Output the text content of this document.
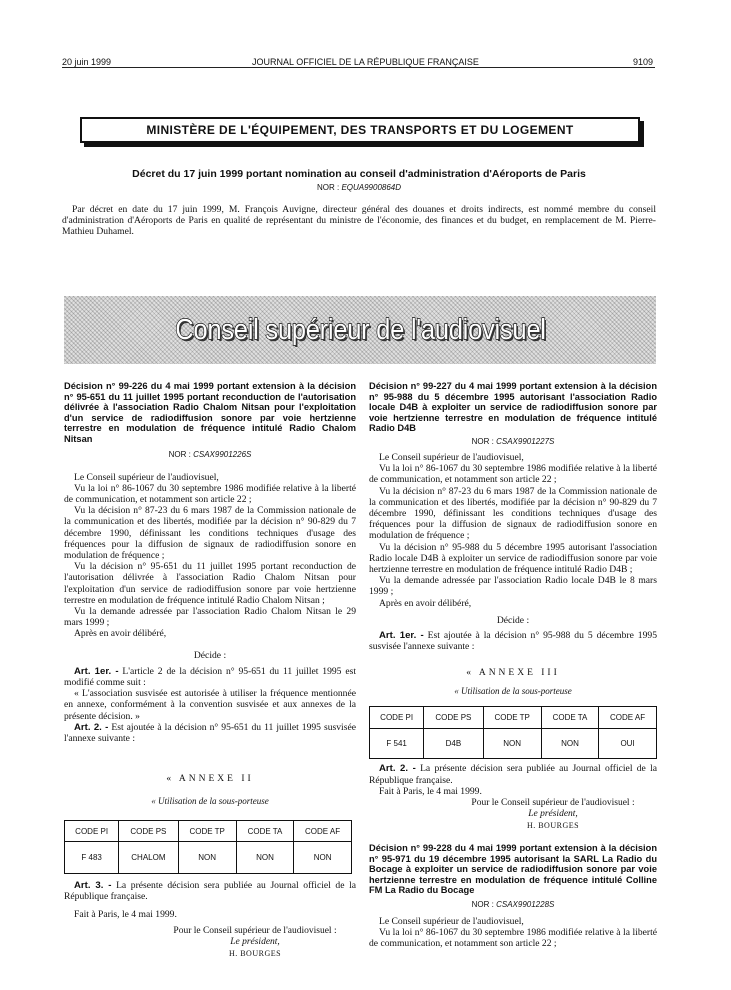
20 juin 1999	JOURNAL OFFICIEL DE LA RÉPUBLIQUE FRANÇAISE	9109
MINISTÈRE DE L'ÉQUIPEMENT, DES TRANSPORTS ET DU LOGEMENT
Décret du 17 juin 1999 portant nomination au conseil d'administration d'Aéroports de Paris
NOR : EQUA9900864D

Par décret en date du 17 juin 1999, M. François Auvigne, directeur général des douanes et droits indirects, est nommé membre du conseil d'administration d'Aéroports de Paris en qualité de représentant du ministre de l'économie, des finances et du budget, en remplacement de M. Pierre-Mathieu Duhamel.

Conseil supérieur de l'audiovisuel
Décision n° 99-226 du 4 mai 1999 portant extension à la décision n° 95-651 du 11 juillet 1995 portant reconduction de l'autorisation délivrée à l'association Radio Chalom Nitsan pour l'exploitation d'un service de radiodiffusion sonore par voie hertzienne terrestre en modulation de fréquence intitulé Radio Chalom Nitsan
NOR : CSAX9901226S

Le Conseil supérieur de l'audiovisuel,

Vu la loi n° 86-1067 du 30 septembre 1986 modifiée relative à la liberté de communication, et notamment son article 22 ;

Vu la décision n° 87-23 du 6 mars 1987 de la Commission nationale de la communication et des libertés, modifiée par la décision n° 90-829 du 7 décembre 1990, définissant les conditions techniques d'usage des fréquences pour la diffusion de signaux de radiodiffusion sonore en modulation de fréquence ;

Vu la décision n° 95-651 du 11 juillet 1995 portant reconduction de l'autorisation délivrée à l'association Radio Chalom Nitsan pour l'exploitation d'un service de radiodiffusion sonore par voie hertzienne terrestre en modulation de fréquence intitulé Radio Chalom Nitsan ;

Vu la demande adressée par l'association Radio Chalom Nitsan le 29 mars 1999 ;

Après en avoir délibéré,

Décide :

Art. 1er. - L'article 2 de la décision n° 95-651 du 11 juillet 1995 est modifié comme suit :

« L'association susvisée est autorisée à utiliser la fréquence mentionnée en annexe, conformément à la convention susvisée et aux annexes de la présente décision. »

Art. 2. - Est ajoutée à la décision n° 95-651 du 11 juillet 1995 susvisée l'annexe suivante :

« ANNEXE II
« Utilisation de la sous-porteuse
CODE PI	CODE PS	CODE TP	CODE TA	CODE AF
F 483	CHALOM	NON	NON	NON

Art. 3. - La présente décision sera publiée au Journal officiel de la République française.

Fait à Paris, le 4 mai 1999.

Pour le Conseil supérieur de l'audiovisuel :
Le président,
H. BOURGES
Décision n° 99-227 du 4 mai 1999 portant extension à la décision n° 95-988 du 5 décembre 1995 autorisant l'association Radio locale D4B à exploiter un service de radiodiffusion sonore par voie hertzienne terrestre en modulation de fréquence intitulé Radio D4B
NOR : CSAX9901227S

Le Conseil supérieur de l'audiovisuel,

Vu la loi n° 86-1067 du 30 septembre 1986 modifiée relative à la liberté de communication, et notamment son article 22 ;

Vu la décision n° 87-23 du 6 mars 1987 de la Commission nationale de la communication et des libertés, modifiée par la décision n° 90-829 du 7 décembre 1990, définissant les conditions techniques d'usage des fréquences pour la diffusion de signaux de radiodiffusion sonore en modulation de fréquence ;

Vu la décision n° 95-988 du 5 décembre 1995 autorisant l'association Radio locale D4B à exploiter un service de radiodiffusion sonore par voie hertzienne terrestre en modulation de fréquence intitulé Radio D4B ;

Vu la demande adressée par l'association Radio locale D4B le 8 mars 1999 ;

Après en avoir délibéré,

Décide :

Art. 1er. - Est ajoutée à la décision n° 95-988 du 5 décembre 1995 susvisée l'annexe suivante :

« ANNEXE III
« Utilisation de la sous-porteuse
CODE PI	CODE PS	CODE TP	CODE TA	CODE AF
F 541	D4B	NON	NON	OUI

Art. 2. - La présente décision sera publiée au Journal officiel de la République française.

Fait à Paris, le 4 mai 1999.

Pour le Conseil supérieur de l'audiovisuel :
Le président,
H. BOURGES
Décision n° 99-228 du 4 mai 1999 portant extension à la décision n° 95-971 du 19 décembre 1995 autorisant la SARL La Radio du Bocage à exploiter un service de radiodiffusion sonore par voie hertzienne terrestre en modulation de fréquence intitulé Colline FM La Radio du Bocage
NOR : CSAX9901228S

Le Conseil supérieur de l'audiovisuel,

Vu la loi n° 86-1067 du 30 septembre 1986 modifiée relative à la liberté de communication, et notamment son article 22 ;
